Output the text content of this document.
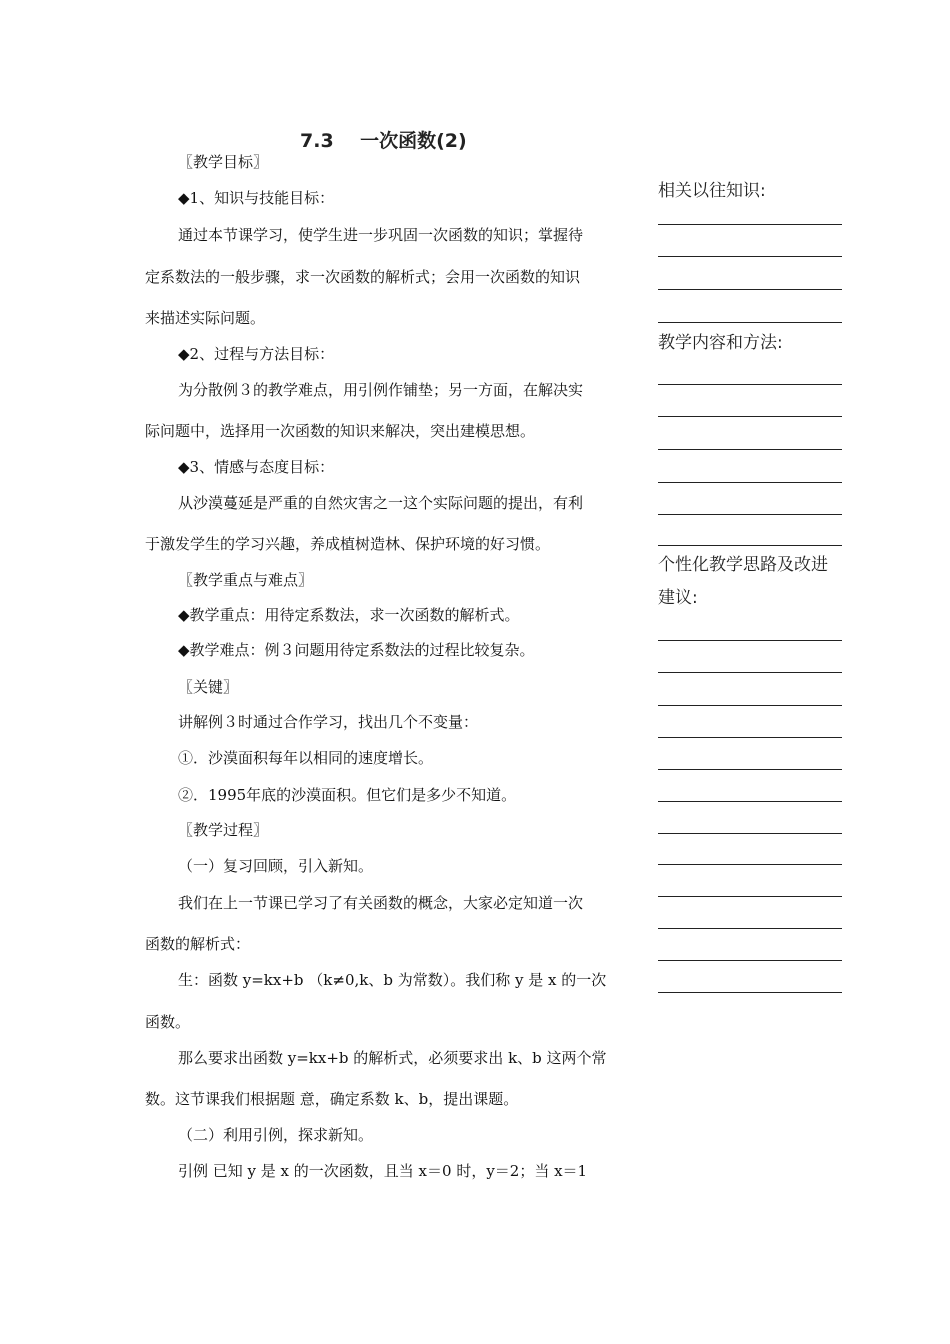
7.3    一次函数(2)
〖教学目标〗
◆1、知识与技能目标：
通过本节课学习，使学生进一步巩固一次函数的知识；掌握待
定系数法的一般步骤，求一次函数的解析式；会用一次函数的知识
来描述实际问题。
◆2、过程与方法目标：
为分散例３的教学难点，用引例作铺垫；另一方面，在解决实
际问题中，选择用一次函数的知识来解决，突出建模思想。
◆3、情感与态度目标：
从沙漠蔓延是严重的自然灾害之一这个实际问题的提出，有利
于激发学生的学习兴趣，养成植树造林、保护环境的好习惯。
〖教学重点与难点〗
◆教学重点：用待定系数法，求一次函数的解析式。
◆教学难点：例３问题用待定系数法的过程比较复杂。
〖关键〗
讲解例３时通过合作学习，找出几个不变量：
①．沙漠面积每年以相同的速度增长。
②．1995年底的沙漠面积。但它们是多少不知道。
〖教学过程〗
（一）复习回顾，引入新知。
我们在上一节课已学习了有关函数的概念，大家必定知道一次
函数的解析式：
生：函数 y=kx+b （k≠0,k、b 为常数）。我们称 y 是 x 的一次
函数。
那么要求出函数 y=kx+b 的解析式，必须要求出 k、b 这两个常
数。这节课我们根据题 意，确定系数 k、b，提出课题。
（二）利用引例，探求新知。
引例 已知 y 是 x 的一次函数，且当 x＝0 时，y＝2；当 x＝1
相关以往知识:
教学内容和方法:
个性化教学思路及改进
建议:
